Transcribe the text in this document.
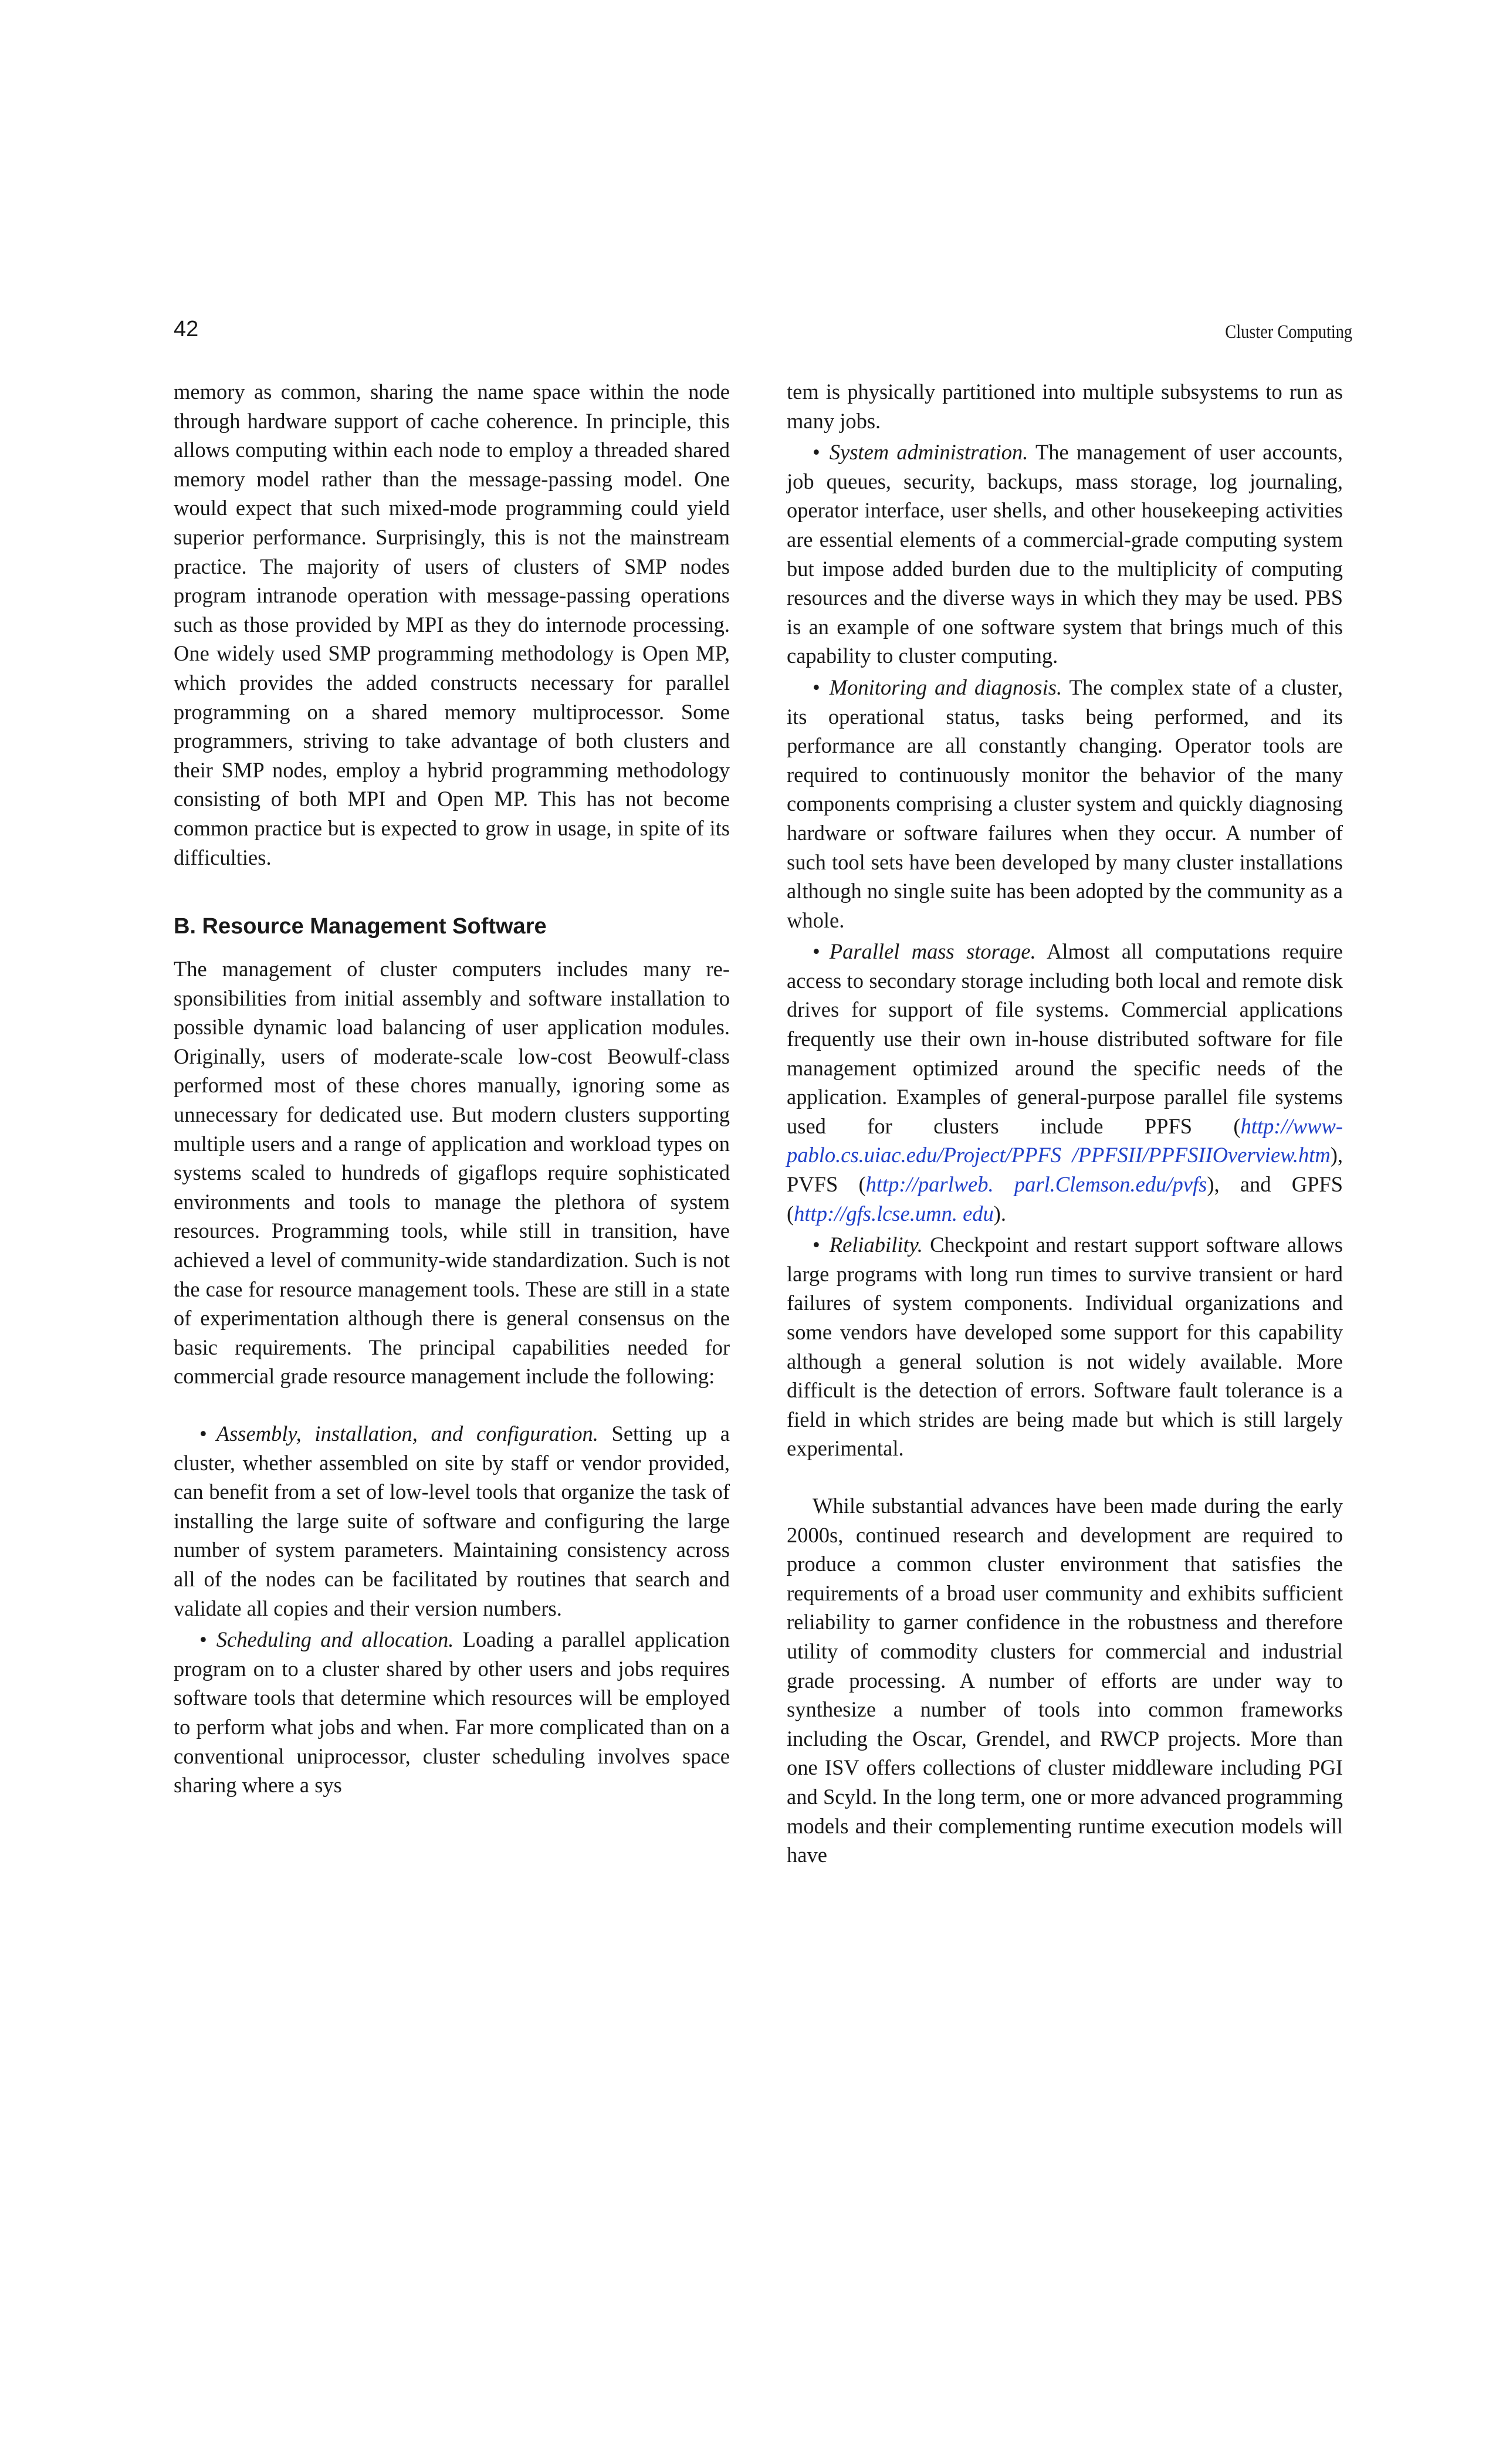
42	Cluster Computing

memory as common, sharing the name space within the node through hardware support of cache coherence. In principle, this allows computing within each node to employ a threaded shared memory model rather than the message-passing model. One would expect that such mixed-mode programming could yield superior performance. Surprisingly, this is not the mainstream practice. The majority of users of clusters of SMP nodes program intranode operation with message-passing operations such as those provided by MPI as they do internode processing. One widely used SMP programming methodology is Open MP, which provides the added constructs necessary for parallel programming on a shared memory multiprocessor. Some programmers, striving to take advantage of both clusters and their SMP nodes, employ a hybrid programming methodology consisting of both MPI and Open MP. This has not become common practice but is expected to grow in usage, in spite of its difficulties.

B. Resource Management Software

The management of cluster computers includes many responsibilities from initial assembly and software installation to possible dynamic load balancing of user application modules. Originally, users of moderate-scale low-cost Beowulf-class performed most of these chores manually, ignoring some as unnecessary for dedicated use. But modern clusters supporting multiple users and a range of application and workload types on systems scaled to hundreds of gigaflops require sophisticated environments and tools to manage the plethora of system resources. Programming tools, while still in transition, have achieved a level of community-wide standardization. Such is not the case for resource management tools. These are still in a state of experimentation although there is general consensus on the basic requirements. The principal capabilities needed for commercial grade resource management include the following:

• Assembly, installation, and configuration. Setting up a cluster, whether assembled on site by staff or vendor provided, can benefit from a set of low-level tools that organize the task of installing the large suite of software and configuring the large number of system parameters. Maintaining consistency across all of the nodes can be facilitated by routines that search and validate all copies and their version numbers.

• Scheduling and allocation. Loading a parallel application program on to a cluster shared by other users and jobs requires software tools that determine which resources will be employed to perform what jobs and when. Far more complicated than on a conventional uniprocessor, cluster scheduling involves space sharing where a sys

tem is physically partitioned into multiple subsystems to run as many jobs.

• System administration. The management of user accounts, job queues, security, backups, mass storage, log journaling, operator interface, user shells, and other housekeeping activities are essential elements of a commercial-grade computing system but impose added burden due to the multiplicity of computing resources and the diverse ways in which they may be used. PBS is an example of one software system that brings much of this capability to cluster computing.

• Monitoring and diagnosis. The complex state of a cluster, its operational status, tasks being performed, and its performance are all constantly changing. Operator tools are required to continuously monitor the behavior of the many components comprising a cluster system and quickly diagnosing hardware or software failures when they occur. A number of such tool sets have been developed by many cluster installations although no single suite has been adopted by the community as a whole.

• Parallel mass storage. Almost all computations require access to secondary storage including both local and remote disk drives for support of file systems. Commercial applications frequently use their own in-house distributed software for file management optimized around the specific needs of the application. Examples of general-purpose parallel file systems used for clusters include PPFS (http://www-pablo.cs.uiac.edu/Project/PPFS /PPFSII/PPFSIIOverview.htm), PVFS (http://parlweb. parl.Clemson.edu/pvfs), and GPFS (http://gfs.lcse.umn. edu).

• Reliability. Checkpoint and restart support software allows large programs with long run times to survive transient or hard failures of system components. Individual organizations and some vendors have developed some support for this capability although a general solution is not widely available. More difficult is the detection of errors. Software fault tolerance is a field in which strides are being made but which is still largely experimental.

While substantial advances have been made during the early 2000s, continued research and development are required to produce a common cluster environment that satisfies the requirements of a broad user community and exhibits sufficient reliability to garner confidence in the robustness and therefore utility of commodity clusters for commercial and industrial grade processing. A number of efforts are under way to synthesize a number of tools into common frameworks including the Oscar, Grendel, and RWCP projects. More than one ISV offers collections of cluster middleware including PGI and Scyld. In the long term, one or more advanced programming models and their complementing runtime execution models will have
